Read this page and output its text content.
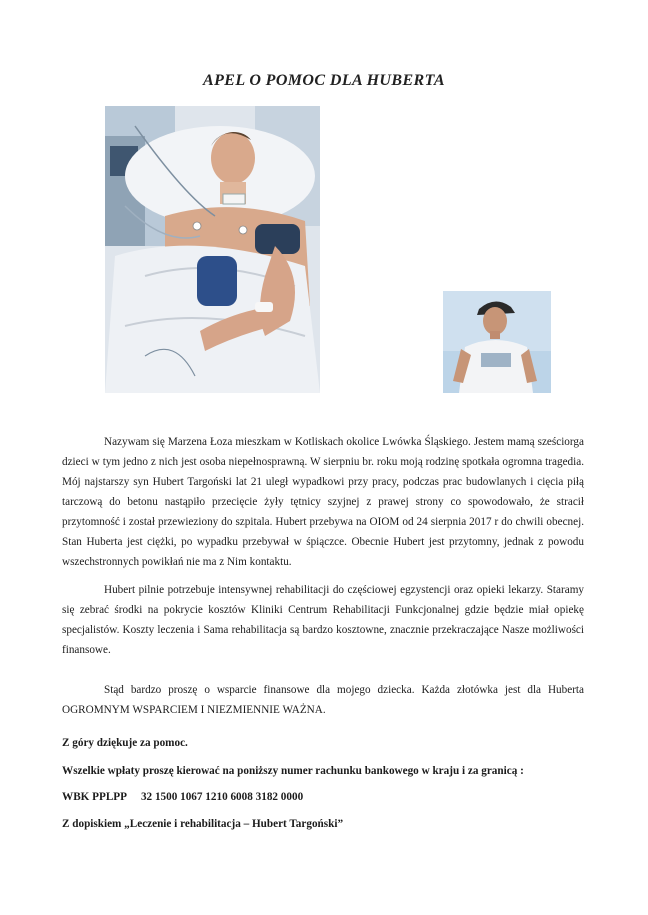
APEL O POMOC DLA HUBERTA
Nazywam się Marzena Łoza mieszkam w Kotliskach okolice Lwówka Śląskiego. Jestem mamą sześciorga dzieci w tym jedno z nich jest osoba niepełnosprawną. W sierpniu br. roku moją rodzinę spotkała ogromna tragedia. Mój najstarszy syn Hubert Targoński lat 21 uległ wypadkowi przy pracy, podczas prac budowlanych i cięcia piłą tarczową do betonu nastąpiło przecięcie żyły tętnicy szyjnej z prawej strony co spowodowało, że stracił przytomność i został przewieziony do szpitala. Hubert przebywa na OIOM od 24 sierpnia 2017 r do chwili obecnej. Stan Huberta jest ciężki, po wypadku przebywał w śpiączce. Obecnie Hubert jest przytomny, jednak z powodu wszechstronnych powikłań nie ma z Nim kontaktu.
Hubert pilnie potrzebuje intensywnej rehabilitacji do częściowej egzystencji oraz opieki lekarzy. Staramy się zebrać środki na pokrycie kosztów Kliniki Centrum Rehabilitacji Funkcjonalnej gdzie będzie miał opiekę specjalistów. Koszty leczenia i Sama rehabilitacja są bardzo kosztowne, znacznie przekraczające Nasze możliwości finansowe.
Stąd bardzo proszę o wsparcie finansowe dla mojego dziecka. Każda złotówka jest dla Huberta OGROMNYM WSPARCIEM I NIEZMIENNIE WAŻNA.
Z góry dziękuje za pomoc.
Wszelkie wpłaty proszę kierować na poniższy numer rachunku bankowego w kraju i za granicą :
WBK PPLPP 32 1500 1067 1210 6008 3182 0000
Z dopiskiem „Leczenie i rehabilitacja – Hubert Targoński”
